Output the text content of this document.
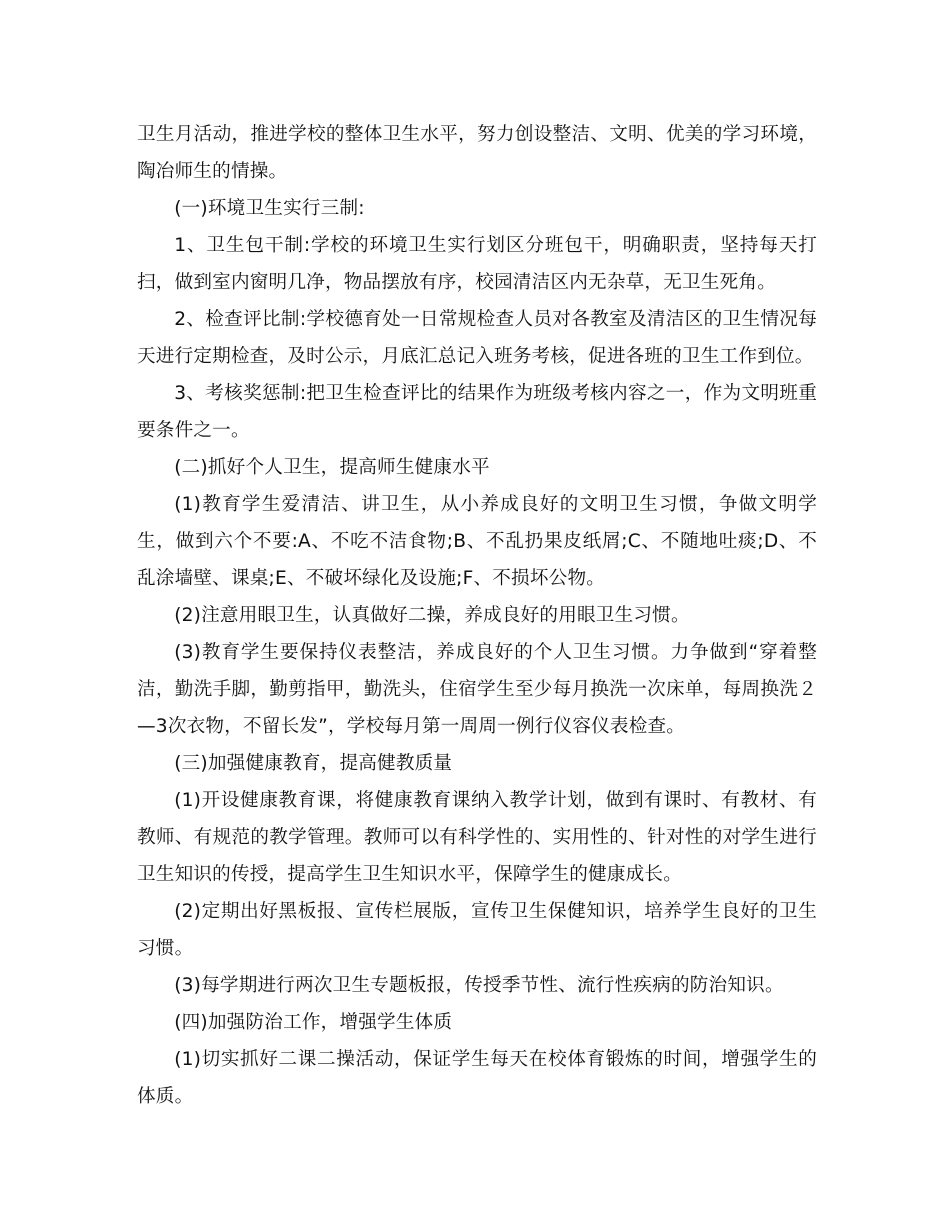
卫生月活动，推进学校的整体卫生水平，努力创设整洁、文明、优美的学习环境，陶冶师生的情操。

(一)环境卫生实行三制:

1、卫生包干制:学校的环境卫生实行划区分班包干，明确职责，坚持每天打扫，做到室内窗明几净，物品摆放有序，校园清洁区内无杂草，无卫生死角。

2、检查评比制:学校德育处一日常规检查人员对各教室及清洁区的卫生情况每天进行定期检查，及时公示，月底汇总记入班务考核，促进各班的卫生工作到位。

3、考核奖惩制:把卫生检查评比的结果作为班级考核内容之一，作为文明班重要条件之一。

(二)抓好个人卫生，提高师生健康水平

(1)教育学生爱清洁、讲卫生，从小养成良好的文明卫生习惯，争做文明学生，做到六个不要:A、不吃不洁食物;B、不乱扔果皮纸屑;C、不随地吐痰;D、不乱涂墙壁、课桌;E、不破坏绿化及设施;F、不损坏公物。

(2)注意用眼卫生，认真做好二操，养成良好的用眼卫生习惯。

(3)教育学生要保持仪表整洁，养成良好的个人卫生习惯。力争做到“穿着整洁，勤洗手脚，勤剪指甲，勤洗头，住宿学生至少每月换洗一次床单，每周换洗２—3次衣物，不留长发”，学校每月第一周周一例行仪容仪表检查。

(三)加强健康教育，提高健教质量

(1)开设健康教育课，将健康教育课纳入教学计划，做到有课时、有教材、有教师、有规范的教学管理。教师可以有科学性的、实用性的、针对性的对学生进行卫生知识的传授，提高学生卫生知识水平，保障学生的健康成长。

(2)定期出好黑板报、宣传栏展版，宣传卫生保健知识，培养学生良好的卫生习惯。

(3)每学期进行两次卫生专题板报，传授季节性、流行性疾病的防治知识。

(四)加强防治工作，增强学生体质

(1)切实抓好二课二操活动，保证学生每天在校体育锻炼的时间，增强学生的体质。
